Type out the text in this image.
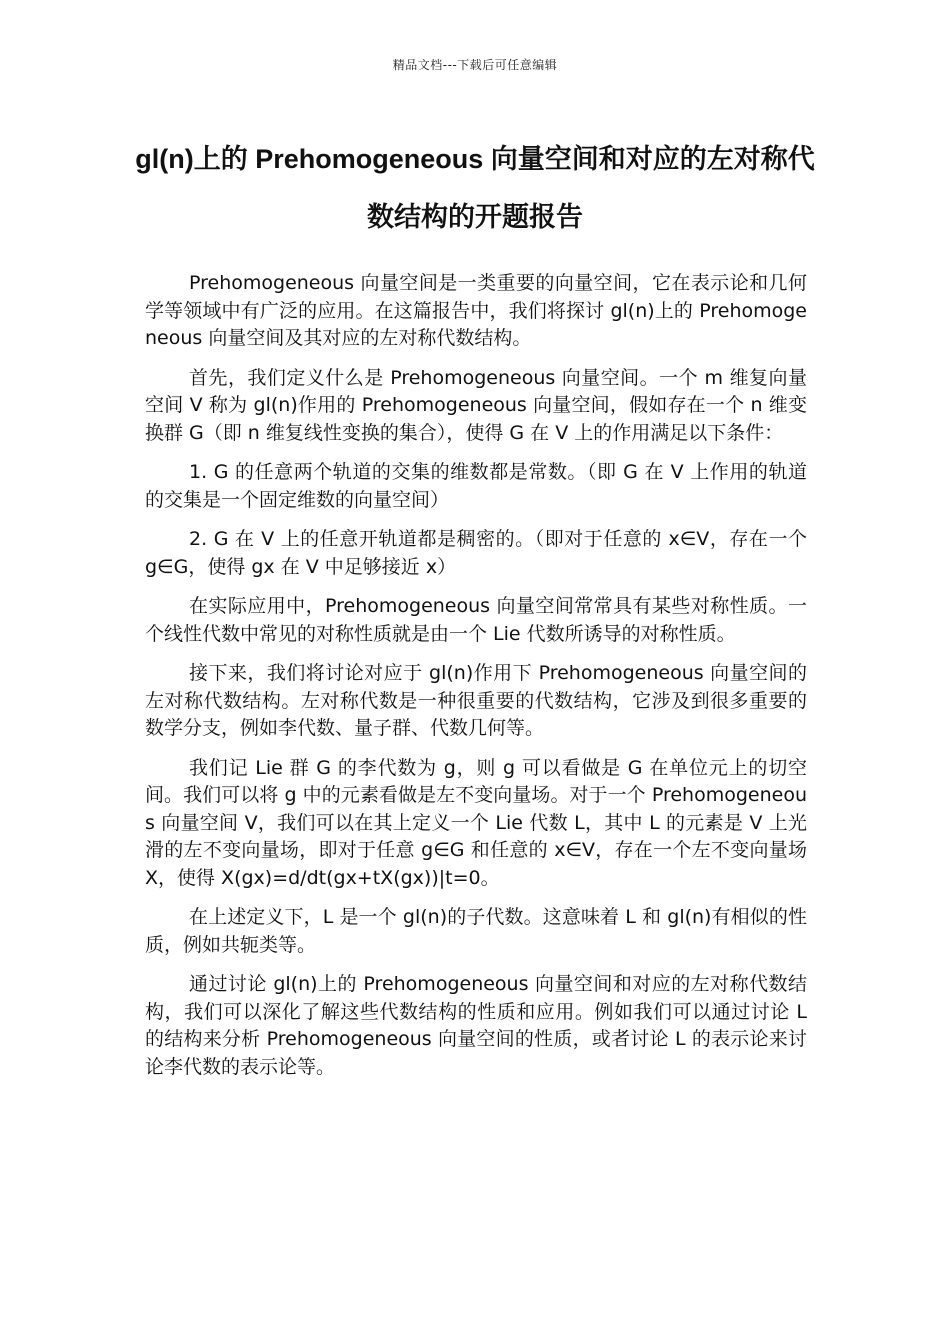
精品文档---下载后可任意编辑
gl(n)上的 Prehomogeneous 向量空间和对应的左对称代数结构的开题报告

Prehomogeneous 向量空间是一类重要的向量空间，它在表示论和几何学等领域中有广泛的应用。在这篇报告中，我们将探讨 gl(n)上的 Prehomogeneous 向量空间及其对应的左对称代数结构。

首先，我们定义什么是 Prehomogeneous 向量空间。一个 m 维复向量空间 V 称为 gl(n)作用的 Prehomogeneous 向量空间，假如存在一个 n 维变换群 G（即 n 维复线性变换的集合），使得 G 在 V 上的作用满足以下条件：

1. G 的任意两个轨道的交集的维数都是常数。（即 G 在 V 上作用的轨道的交集是一个固定维数的向量空间）

2. G 在 V 上的任意开轨道都是稠密的。（即对于任意的 x∈V，存在一个 g∈G，使得 gx 在 V 中足够接近 x）

在实际应用中，Prehomogeneous 向量空间常常具有某些对称性质。一个线性代数中常见的对称性质就是由一个 Lie 代数所诱导的对称性质。

接下来，我们将讨论对应于 gl(n)作用下 Prehomogeneous 向量空间的左对称代数结构。左对称代数是一种很重要的代数结构，它涉及到很多重要的数学分支，例如李代数、量子群、代数几何等。

我们记 Lie 群 G 的李代数为 g，则 g 可以看做是 G 在单位元上的切空间。我们可以将 g 中的元素看做是左不变向量场。对于一个 Prehomogeneous 向量空间 V，我们可以在其上定义一个 Lie 代数 L，其中 L 的元素是 V 上光滑的左不变向量场，即对于任意 g∈G 和任意的 x∈V，存在一个左不变向量场 X，使得 X(gx)=d/dt(gx+tX(gx))|t=0。

在上述定义下，L 是一个 gl(n)的子代数。这意味着 L 和 gl(n)有相似的性质，例如共轭类等。

通过讨论 gl(n)上的 Prehomogeneous 向量空间和对应的左对称代数结构，我们可以深化了解这些代数结构的性质和应用。例如我们可以通过讨论 L 的结构来分析 Prehomogeneous 向量空间的性质，或者讨论 L 的表示论来讨论李代数的表示论等。
